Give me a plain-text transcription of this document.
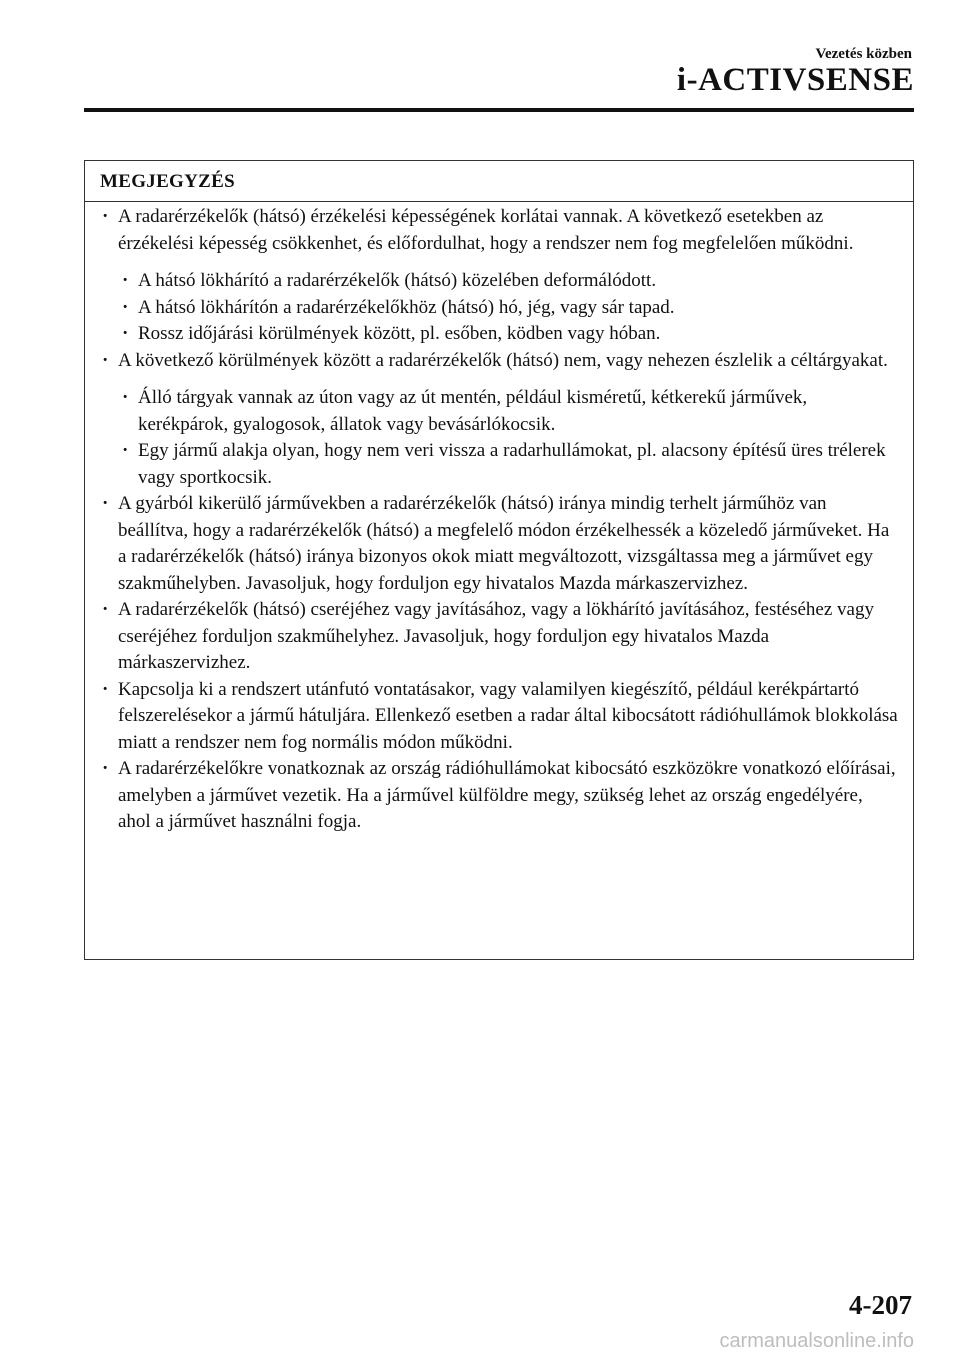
Vezetés közben
i-ACTIVSENSE
MEGJEGYZÉS
· A radarérzékelők (hátsó) érzékelési képességének korlátai vannak. A következő esetekben az érzékelési képesség csökkenhet, és előfordulhat, hogy a rendszer nem fog megfelelően működni.
· A hátsó lökhárító a radarérzékelők (hátsó) közelében deformálódott.
· A hátsó lökhárítón a radarérzékelőkhöz (hátsó) hó, jég, vagy sár tapad.
· Rossz időjárási körülmények között, pl. esőben, ködben vagy hóban.
· A következő körülmények között a radarérzékelők (hátsó) nem, vagy nehezen észlelik a céltárgyakat.
· Álló tárgyak vannak az úton vagy az út mentén, például kisméretű, kétkerekű járművek, kerékpárok, gyalogosok, állatok vagy bevásárlókocsik.
· Egy jármű alakja olyan, hogy nem veri vissza a radarhullámokat, pl. alacsony építésű üres trélerek vagy sportkocsik.
· A gyárból kikerülő járművekben a radarérzékelők (hátsó) iránya mindig terhelt járműhöz van beállítva, hogy a radarérzékelők (hátsó) a megfelelő módon érzékelhessék a közeledő járműveket. Ha a radarérzékelők (hátsó) iránya bizonyos okok miatt megváltozott, vizsgáltassa meg a járművet egy szakműhelyben. Javasoljuk, hogy forduljon egy hivatalos Mazda márkaszervizhez.
· A radarérzékelők (hátsó) cseréjéhez vagy javításához, vagy a lökhárító javításához, festéséhez vagy cseréjéhez forduljon szakműhelyhez. Javasoljuk, hogy forduljon egy hivatalos Mazda márkaszervizhez.
· Kapcsolja ki a rendszert utánfutó vontatásakor, vagy valamilyen kiegészítő, például kerékpártartó felszerelésekor a jármű hátuljára. Ellenkező esetben a radar által kibocsátott rádióhullámok blokkolása miatt a rendszer nem fog normális módon működni.
· A radarérzékelőkre vonatkoznak az ország rádióhullámokat kibocsátó eszközökre vonatkozó előírásai, amelyben a járművet vezetik. Ha a járművel külföldre megy, szükség lehet az ország engedélyére, ahol a járművet használni fogja.
4-207
carmanualsonline.info
